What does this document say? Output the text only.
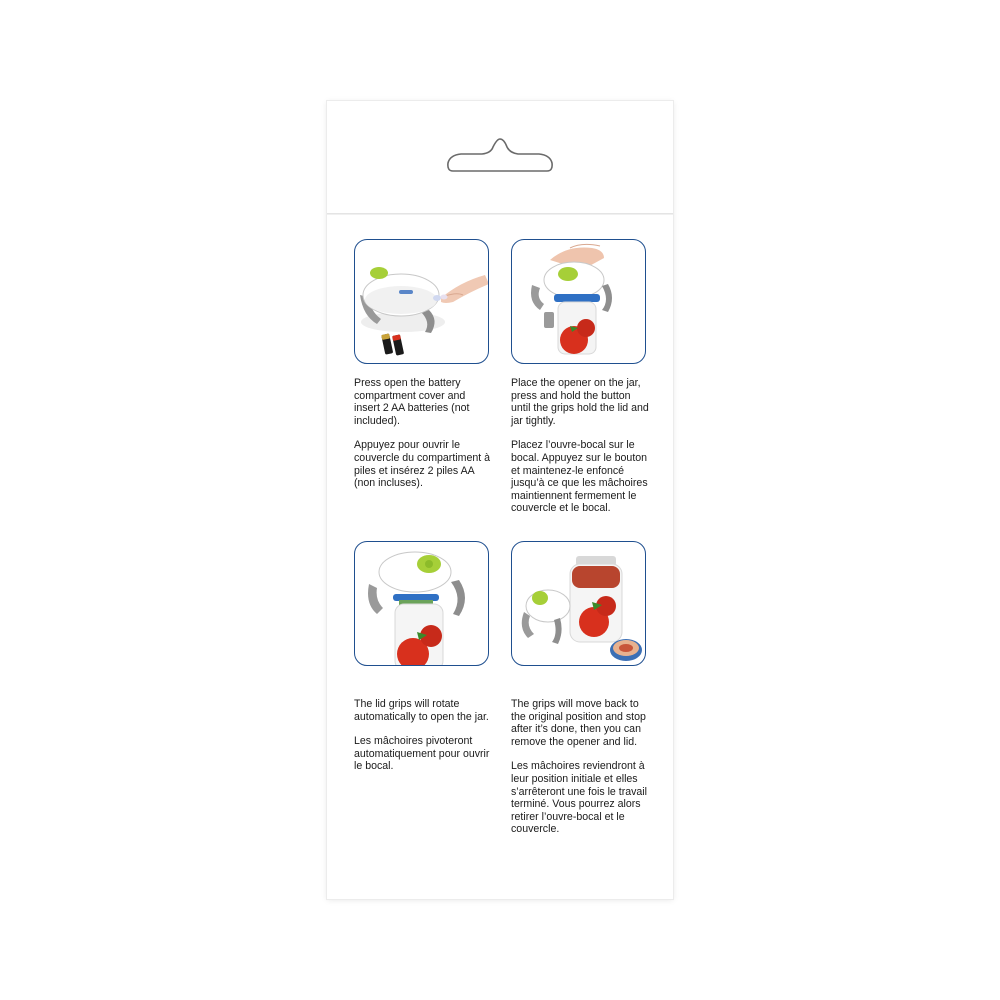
Press open the battery compartment cover and insert 2 AA batteries (not included).

Appuyez pour ouvrir le couvercle du compartiment à piles et insérez 2 piles AA (non incluses).

Place the opener on the jar, press and hold the button until the grips hold the lid and jar tightly.

Placez l’ouvre-bocal sur le bocal. Appuyez sur le bouton et maintenez-le enfoncé jusqu’à ce que les mâchoires maintiennent fermement le couvercle et le bocal.

The lid grips will rotate automatically to open the jar.

Les mâchoires pivoteront automatiquement pour ouvrir le bocal.

The grips will move back to the original position and stop after it’s done, then you can remove the opener and lid.

Les mâchoires reviendront à leur position initiale et elles s’arrêteront une fois le travail terminé. Vous pourrez alors retirer l’ouvre-bocal et le couvercle.
